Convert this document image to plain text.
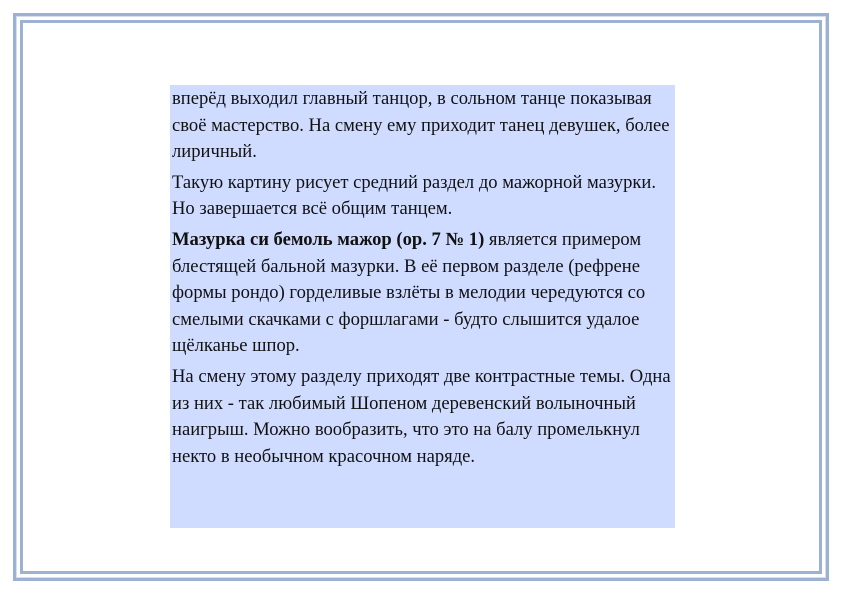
вперёд выходил главный танцор, в сольном танце показывая своё мастерство. На смену ему приходит танец девушек, более лиричный.

Такую картину рисует средний раздел до мажорной мазурки. Но завершается всё общим танцем.

Мазурка си бемоль мажор (ор. 7 № 1) является примером блестящей бальной мазурки. В её первом разделе (рефрене формы рондо) горделивые взлёты в мелодии чередуются со смелыми скачками с форшлагами - будто слышится удалое щёлканье шпор.

На смену этому разделу приходят две контрастные темы. Одна из них - так любимый Шопеном деревенский волыночный наигрыш. Можно вообразить, что это на балу промелькнул некто в необычном красочном наряде.
